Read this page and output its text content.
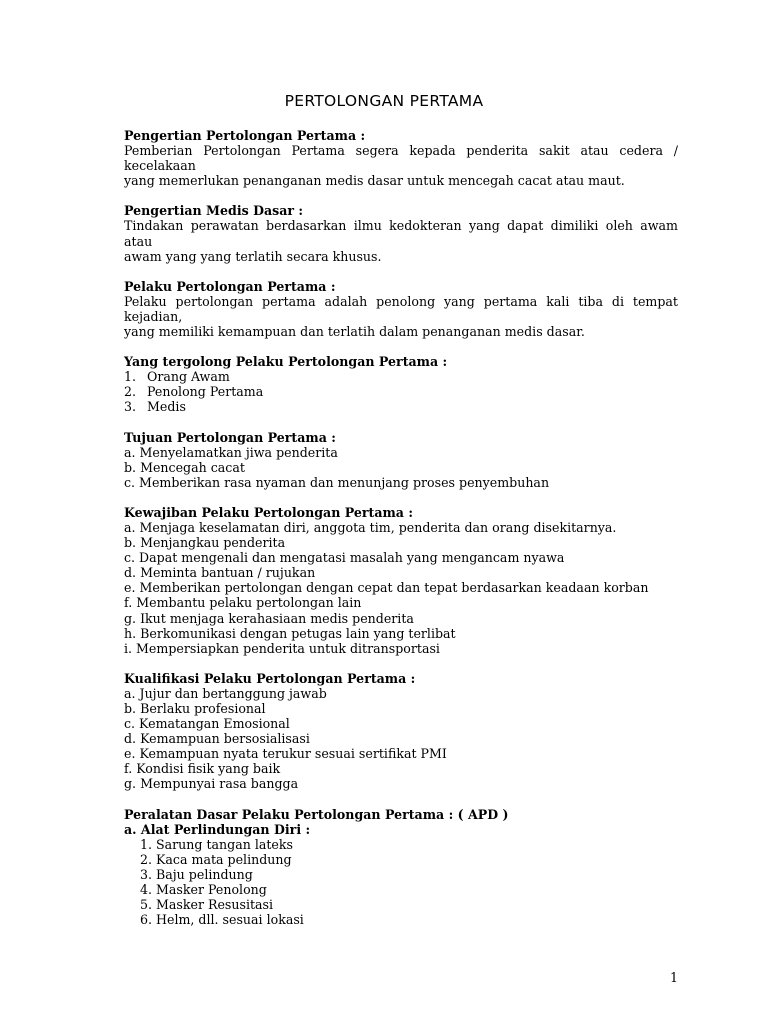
PERTOLONGAN PERTAMA
Pengertian Pertolongan Pertama :
Pemberian Pertolongan Pertama segera kepada penderita sakit atau cedera / kecelakaan
yang memerlukan penanganan medis dasar untuk mencegah cacat atau maut.
Pengertian Medis Dasar :
Tindakan perawatan berdasarkan ilmu kedokteran yang dapat dimiliki oleh awam atau
awam yang yang terlatih secara khusus.
Pelaku Pertolongan Pertama :
Pelaku pertolongan pertama adalah penolong yang pertama kali tiba di tempat kejadian,
yang memiliki kemampuan dan terlatih dalam penanganan medis dasar.
Yang tergolong Pelaku Pertolongan Pertama :
1. Orang Awam
2. Penolong Pertama
3. Medis
Tujuan Pertolongan Pertama :
a. Menyelamatkan jiwa penderita
b. Mencegah cacat
c. Memberikan rasa nyaman dan menunjang proses penyembuhan
Kewajiban Pelaku Pertolongan Pertama :
a. Menjaga keselamatan diri, anggota tim, penderita dan orang disekitarnya.
b. Menjangkau penderita
c. Dapat mengenali dan mengatasi masalah yang mengancam nyawa
d. Meminta bantuan / rujukan
e. Memberikan pertolongan dengan cepat dan tepat berdasarkan keadaan korban
f. Membantu pelaku pertolongan lain
g. Ikut menjaga kerahasiaan medis penderita
h. Berkomunikasi dengan petugas lain yang terlibat
i. Mempersiapkan penderita untuk ditransportasi
Kualifikasi Pelaku Pertolongan Pertama :
a. Jujur dan bertanggung jawab
b. Berlaku profesional
c. Kematangan Emosional
d. Kemampuan bersosialisasi
e. Kemampuan nyata terukur sesuai sertifikat PMI
f. Kondisi fisik yang baik
g. Mempunyai rasa bangga
Peralatan Dasar Pelaku Pertolongan Pertama : ( APD )
a. Alat Perlindungan Diri :
1. Sarung tangan lateks
2. Kaca mata pelindung
3. Baju pelindung
4. Masker Penolong
5. Masker Resusitasi
6. Helm, dll. sesuai lokasi
1
